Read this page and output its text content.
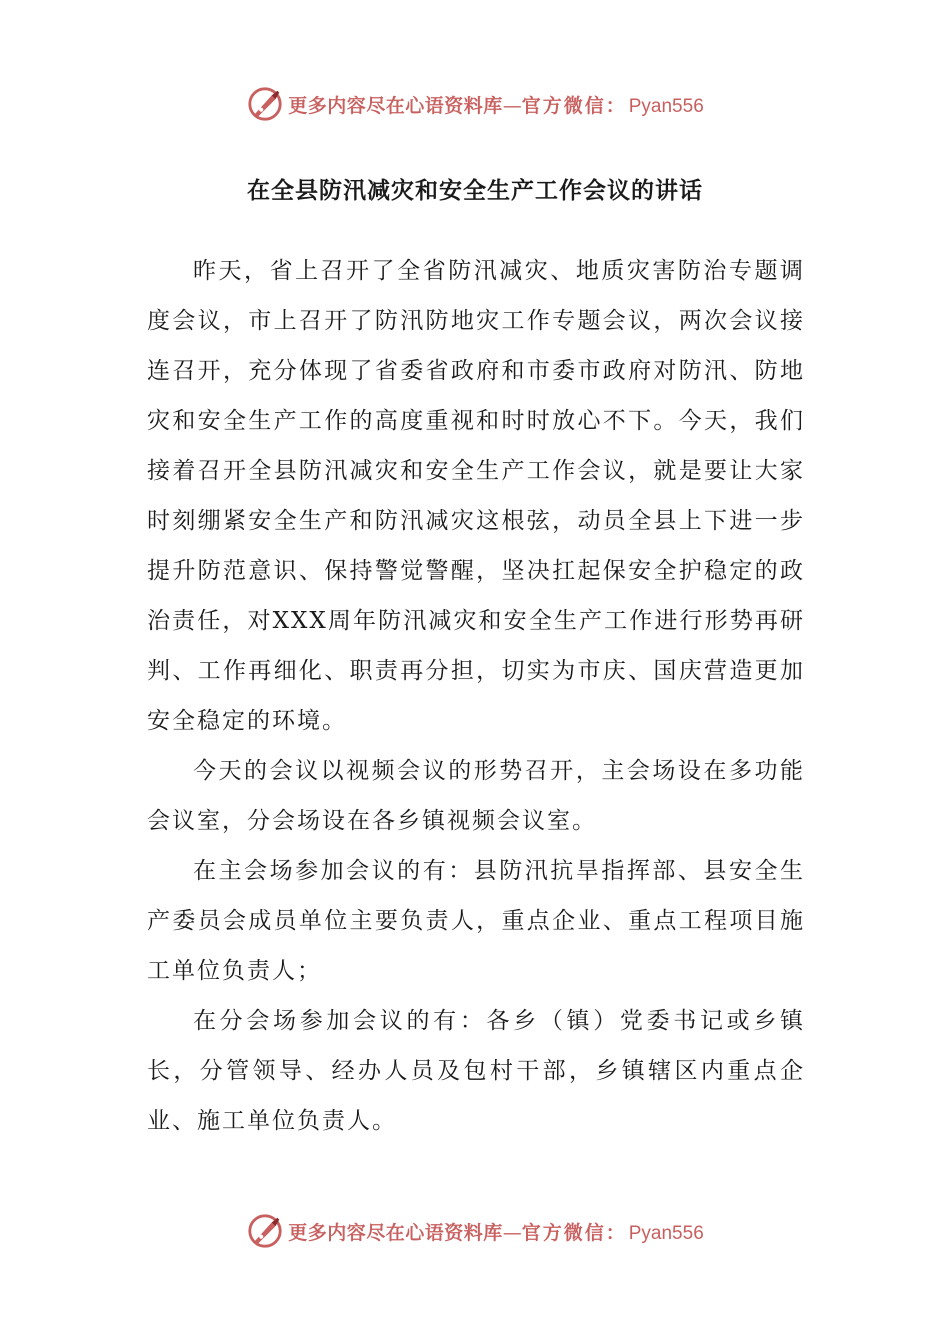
更多内容尽在心语资料库 — 官方微信： Pyan556
在全县防汛减灾和安全生产工作会议的讲话

昨天，省上召开了全省防汛减灾、地质灾害防治专题调度会议，市上召开了防汛防地灾工作专题会议，两次会议接连召开，充分体现了省委省政府和市委市政府对防汛、防地灾和安全生产工作的高度重视和时时放心不下。今天，我们接着召开全县防汛减灾和安全生产工作会议，就是要让大家时刻绷紧安全生产和防汛减灾这根弦，动员全县上下进一步提升防范意识、保持警觉警醒，坚决扛起保安全护稳定的政治责任，对XXX周年防汛减灾和安全生产工作进行形势再研判、工作再细化、职责再分担，切实为市庆、国庆营造更加安全稳定的环境。

今天的会议以视频会议的形势召开，主会场设在多功能会议室，分会场设在各乡镇视频会议室。

在主会场参加会议的有：县防汛抗旱指挥部、县安全生产委员会成员单位主要负责人，重点企业、重点工程项目施工单位负责人；

在分会场参加会议的有：各乡（镇）党委书记或乡镇长，分管领导、经办人员及包村干部，乡镇辖区内重点企业、施工单位负责人。

更多内容尽在心语资料库 — 官方微信： Pyan556
